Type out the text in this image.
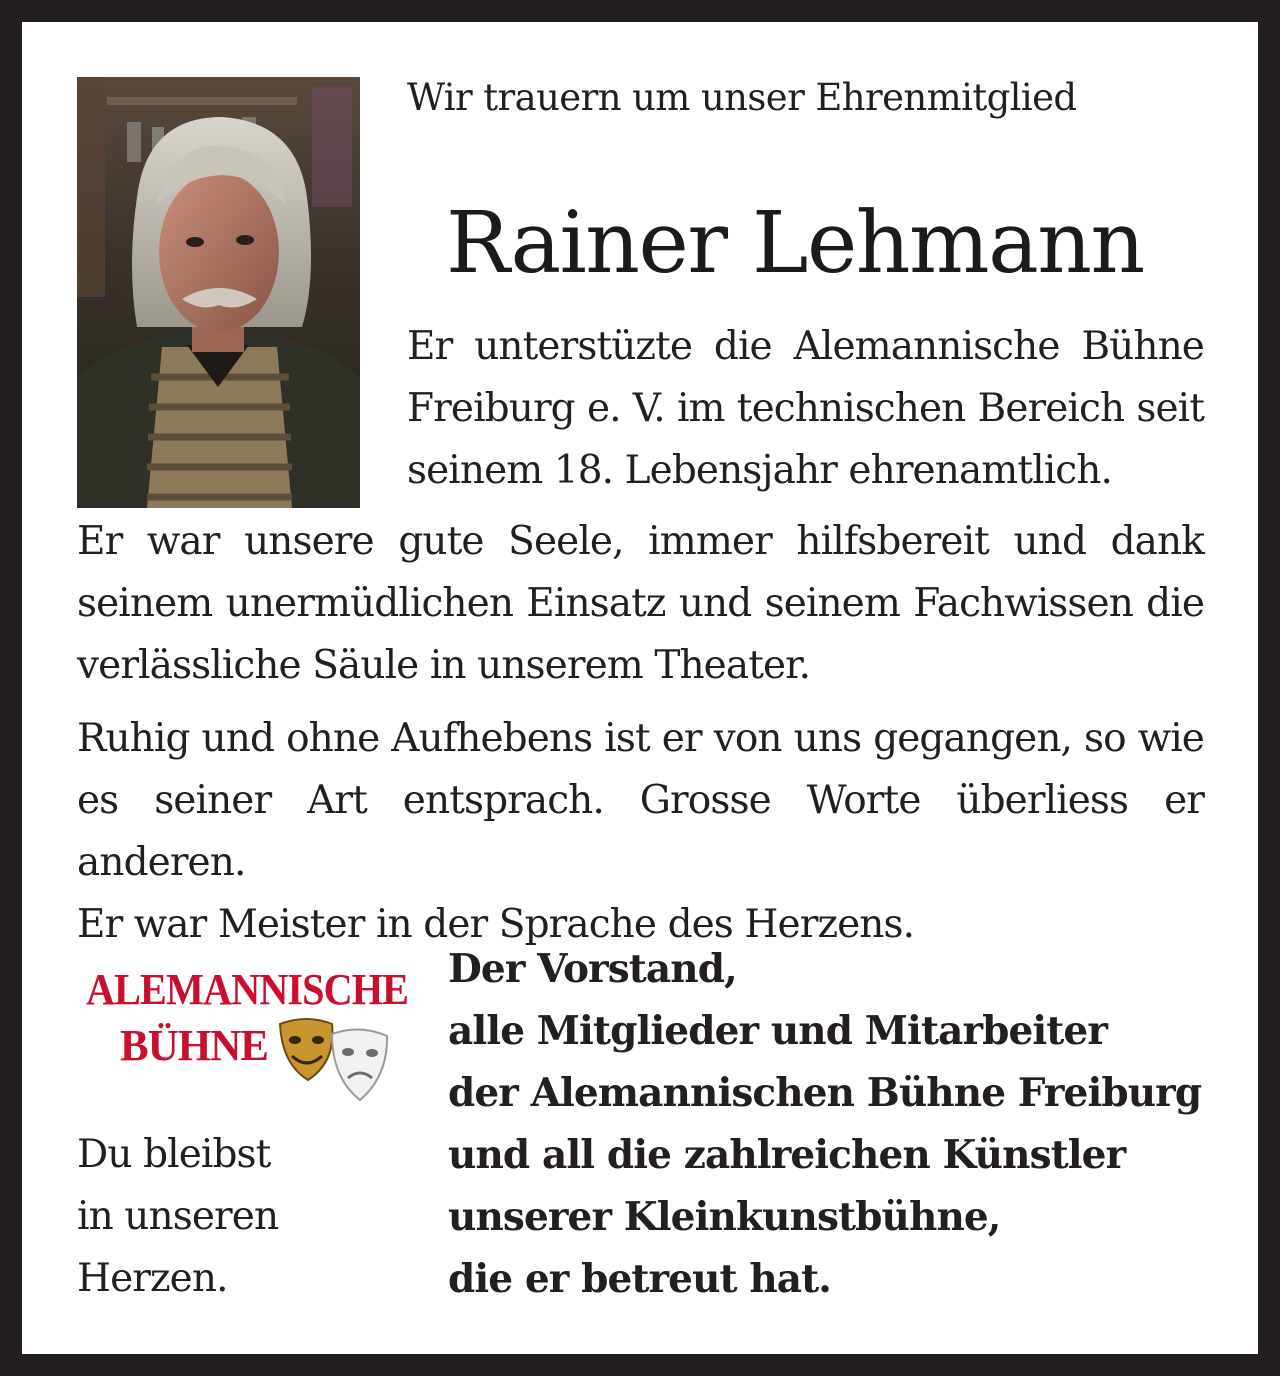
Wir trauern um unser Ehrenmitglied

Rainer Lehmann

Er unterstüzte die Alemannische Bühne
Freiburg e. V. im technischen Bereich seit
seinem 18. Lebensjahr ehrenamtlich.
Er war unsere gute Seele, immer hilfsbereit und dank
seinem unermüdlichen Einsatz und seinem Fachwissen die
verlässliche Säule in unserem Theater.
Ruhig und ohne Aufhebens ist er von uns gegangen, so wie
es seiner Art entsprach. Grosse Worte überliess er anderen.
Er war Meister in der Sprache des Herzens.
ALEMANNISCHE
BÜHNE

Du bleibst

in unseren

Herzen.

Der Vorstand,

alle Mitglieder und Mitarbeiter

der Alemannischen Bühne Freiburg

und all die zahlreichen Künstler

unserer Kleinkunstbühne,

die er betreut hat.
